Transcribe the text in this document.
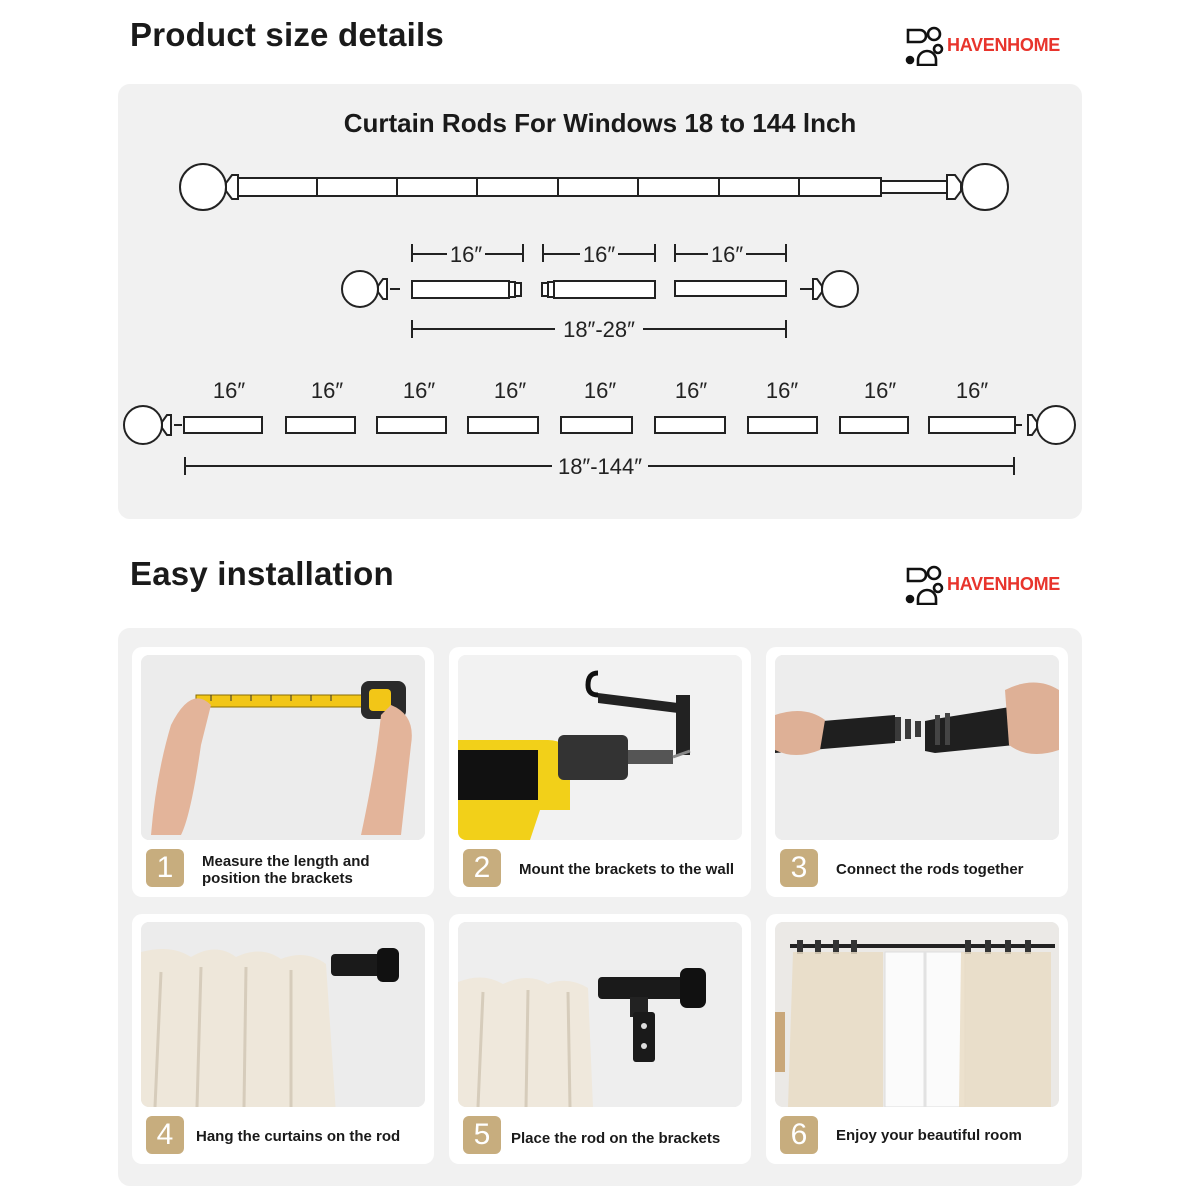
Product size details	HAVENHOME
Curtain Rods For Windows 18 to 144 lnch
16″	16″	16″
18″-28″
18″-144″
16″	16″	16″	16″	16″	16″	16″	16″	16″
Easy installation	HAVENHOME
1	Measure the length and position the brackets	2	Mount the brackets to the wall	3	Connect the rods together
4	Hang the curtains on the rod	5	Place the rod on the brackets	6	Enjoy your beautiful room
